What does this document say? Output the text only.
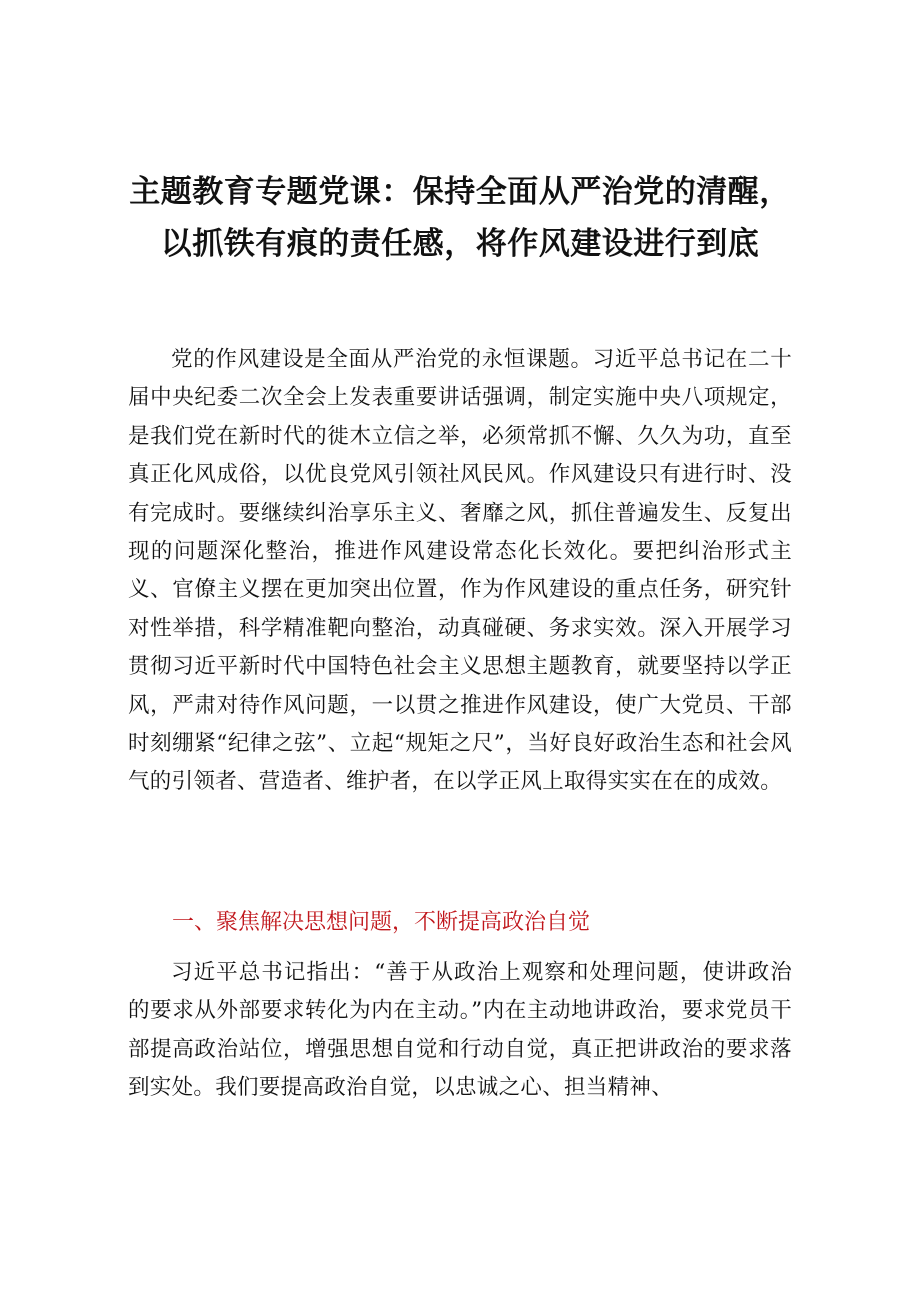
主题教育专题党课：保持全面从严治党的清醒，以抓铁有痕的责任感，将作风建设进行到底

党的作风建设是全面从严治党的永恒课题。习近平总书记在二十届中央纪委二次全会上发表重要讲话强调，制定实施中央八项规定，是我们党在新时代的徙木立信之举，必须常抓不懈、久久为功，直至真正化风成俗，以优良党风引领社风民风。作风建设只有进行时、没有完成时。要继续纠治享乐主义、奢靡之风，抓住普遍发生、反复出现的问题深化整治，推进作风建设常态化长效化。要把纠治形式主义、官僚主义摆在更加突出位置，作为作风建设的重点任务，研究针对性举措，科学精准靶向整治，动真碰硬、务求实效。深入开展学习贯彻习近平新时代中国特色社会主义思想主题教育，就要坚持以学正风，严肃对待作风问题，一以贯之推进作风建设，使广大党员、干部时刻绷紧“纪律之弦”、立起“规矩之尺”，当好良好政治生态和社会风气的引领者、营造者、维护者，在以学正风上取得实实在在的成效。

一、聚焦解决思想问题，不断提高政治自觉

习近平总书记指出：“善于从政治上观察和处理问题，使讲政治的要求从外部要求转化为内在主动。”内在主动地讲政治，要求党员干部提高政治站位，增强思想自觉和行动自觉，真正把讲政治的要求落到实处。我们要提高政治自觉，以忠诚之心、担当精神、
